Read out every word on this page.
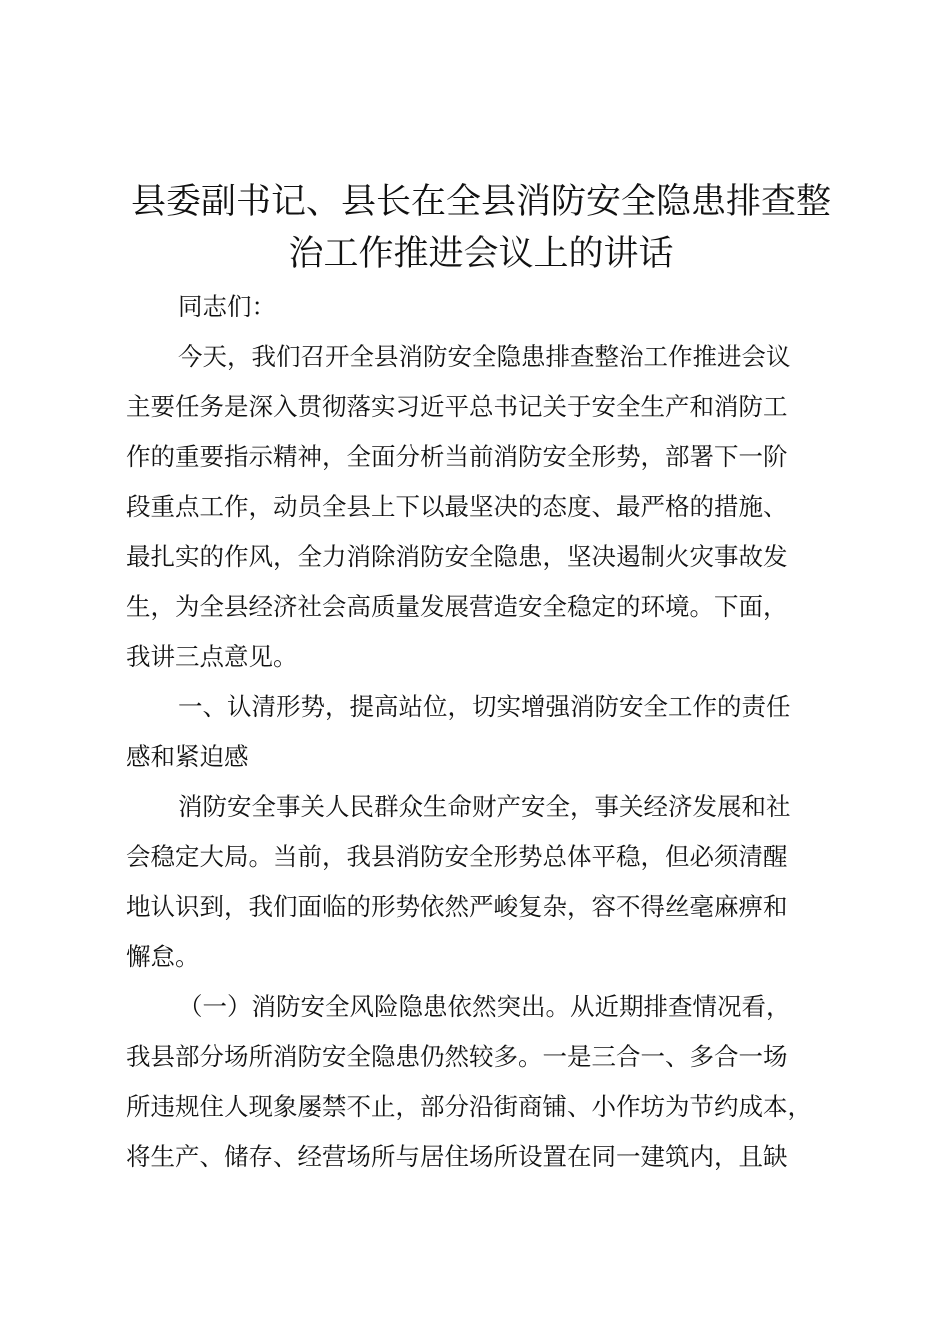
县委副书记、县长在全县消防安全隐患排查整
治工作推进会议上的讲话

同志们：

今天，我们召开全县消防安全隐患排查整治工作推进会议
主要任务是深入贯彻落实习近平总书记关于安全生产和消防工
作的重要指示精神，全面分析当前消防安全形势，部署下一阶
段重点工作，动员全县上下以最坚决的态度、最严格的措施、
最扎实的作风，全力消除消防安全隐患，坚决遏制火灾事故发
生，为全县经济社会高质量发展营造安全稳定的环境。下面，
我讲三点意见。

一、认清形势，提高站位，切实增强消防安全工作的责任
感和紧迫感

消防安全事关人民群众生命财产安全，事关经济发展和社
会稳定大局。当前，我县消防安全形势总体平稳，但必须清醒
地认识到，我们面临的形势依然严峻复杂，容不得丝毫麻痹和
懈怠。

（一）消防安全风险隐患依然突出。从近期排查情况看，
我县部分场所消防安全隐患仍然较多。一是三合一、多合一场
所违规住人现象屡禁不止，部分沿街商铺、小作坊为节约成本，
将生产、储存、经营场所与居住场所设置在同一建筑内，且缺
